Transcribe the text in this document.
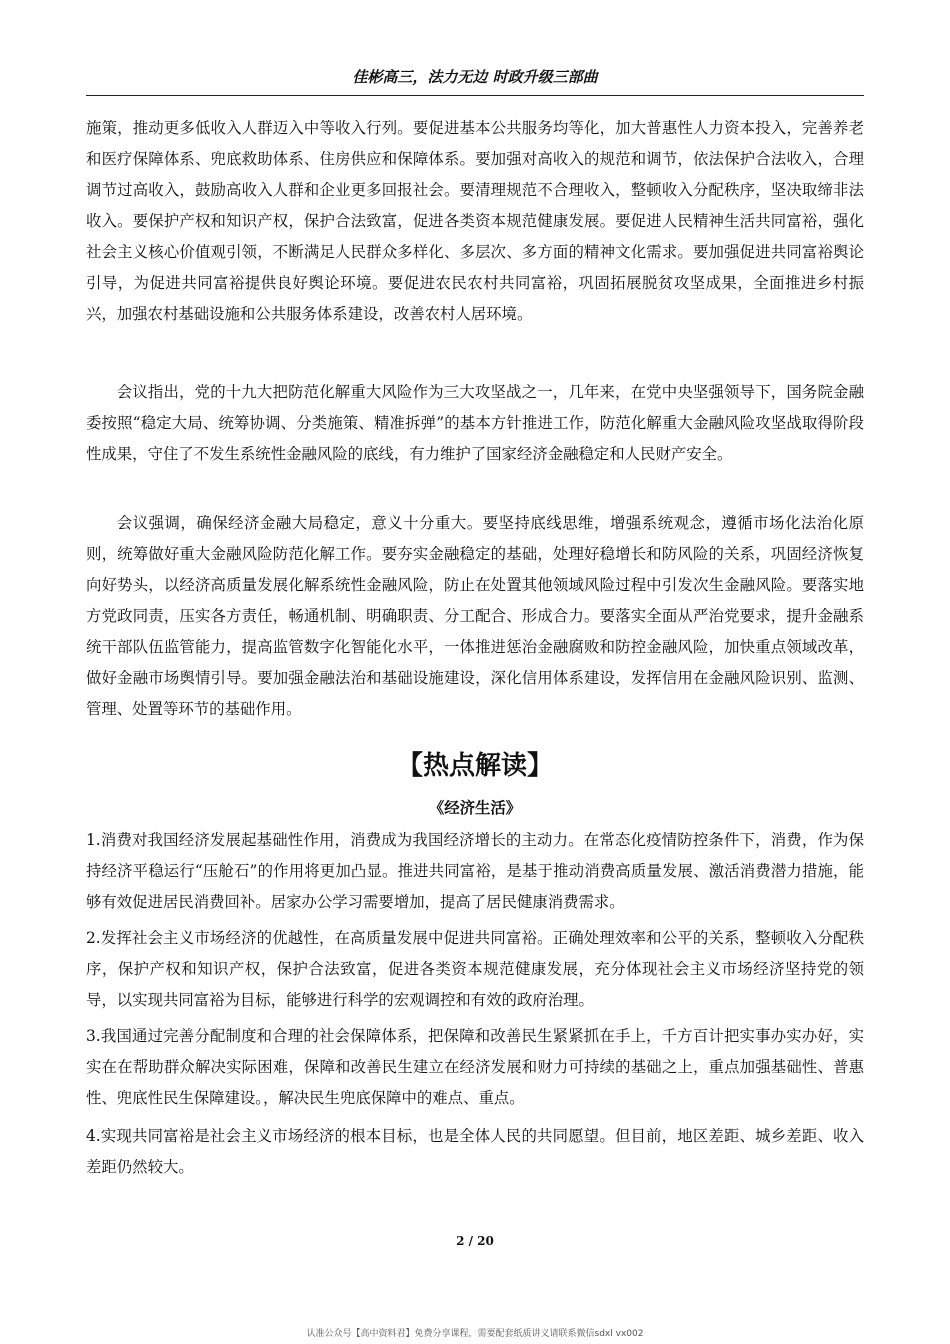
佳彬高三，法力无边 时政升级三部曲

施策，推动更多低收入人群迈入中等收入行列。要促进基本公共服务均等化，加大普惠性人力资本投入，完善养老和医疗保障体系、兜底救助体系、住房供应和保障体系。要加强对高收入的规范和调节，依法保护合法收入，合理调节过高收入，鼓励高收入人群和企业更多回报社会。要清理规范不合理收入，整顿收入分配秩序，坚决取缔非法收入。要保护产权和知识产权，保护合法致富，促进各类资本规范健康发展。要促进人民精神生活共同富裕，强化社会主义核心价值观引领，不断满足人民群众多样化、多层次、多方面的精神文化需求。要加强促进共同富裕舆论引导，为促进共同富裕提供良好舆论环境。要促进农民农村共同富裕，巩固拓展脱贫攻坚成果，全面推进乡村振兴，加强农村基础设施和公共服务体系建设，改善农村人居环境。

会议指出，党的十九大把防范化解重大风险作为三大攻坚战之一，几年来，在党中央坚强领导下，国务院金融委按照“稳定大局、统筹协调、分类施策、精准拆弹”的基本方针推进工作，防范化解重大金融风险攻坚战取得阶段性成果，守住了不发生系统性金融风险的底线，有力维护了国家经济金融稳定和人民财产安全。

会议强调，确保经济金融大局稳定，意义十分重大。要坚持底线思维，增强系统观念，遵循市场化法治化原则，统筹做好重大金融风险防范化解工作。要夯实金融稳定的基础，处理好稳增长和防风险的关系，巩固经济恢复向好势头，以经济高质量发展化解系统性金融风险，防止在处置其他领域风险过程中引发次生金融风险。要落实地方党政同责，压实各方责任，畅通机制、明确职责、分工配合、形成合力。要落实全面从严治党要求，提升金融系统干部队伍监管能力，提高监管数字化智能化水平，一体推进惩治金融腐败和防控金融风险，加快重点领域改革，做好金融市场舆情引导。要加强金融法治和基础设施建设，深化信用体系建设，发挥信用在金融风险识别、监测、管理、处置等环节的基础作用。

【热点解读】
《经济生活》

1.消费对我国经济发展起基础性作用，消费成为我国经济增长的主动力。在常态化疫情防控条件下，消费，作为保持经济平稳运行“压舱石”的作用将更加凸显。推进共同富裕，是基于推动消费高质量发展、激活消费潜力措施，能够有效促进居民消费回补。居家办公学习需要增加，提高了居民健康消费需求。

2.发挥社会主义市场经济的优越性，在高质量发展中促进共同富裕。正确处理效率和公平的关系，整顿收入分配秩序，保护产权和知识产权，保护合法致富，促进各类资本规范健康发展，充分体现社会主义市场经济坚持党的领导，以实现共同富裕为目标，能够进行科学的宏观调控和有效的政府治理。

3.我国通过完善分配制度和合理的社会保障体系，把保障和改善民生紧紧抓在手上，千方百计把实事办实办好，实实在在帮助群众解决实际困难，保障和改善民生建立在经济发展和财力可持续的基础之上，重点加强基础性、普惠性、兜底性民生保障建设。，解决民生兜底保障中的难点、重点。

4.实现共同富裕是社会主义市场经济的根本目标，也是全体人民的共同愿望。但目前，地区差距、城乡差距、收入差距仍然较大。

2 / 20
认准公众号【高中资料君】免费分享课程，需要配套纸质讲义请联系微信sdxl vx002
